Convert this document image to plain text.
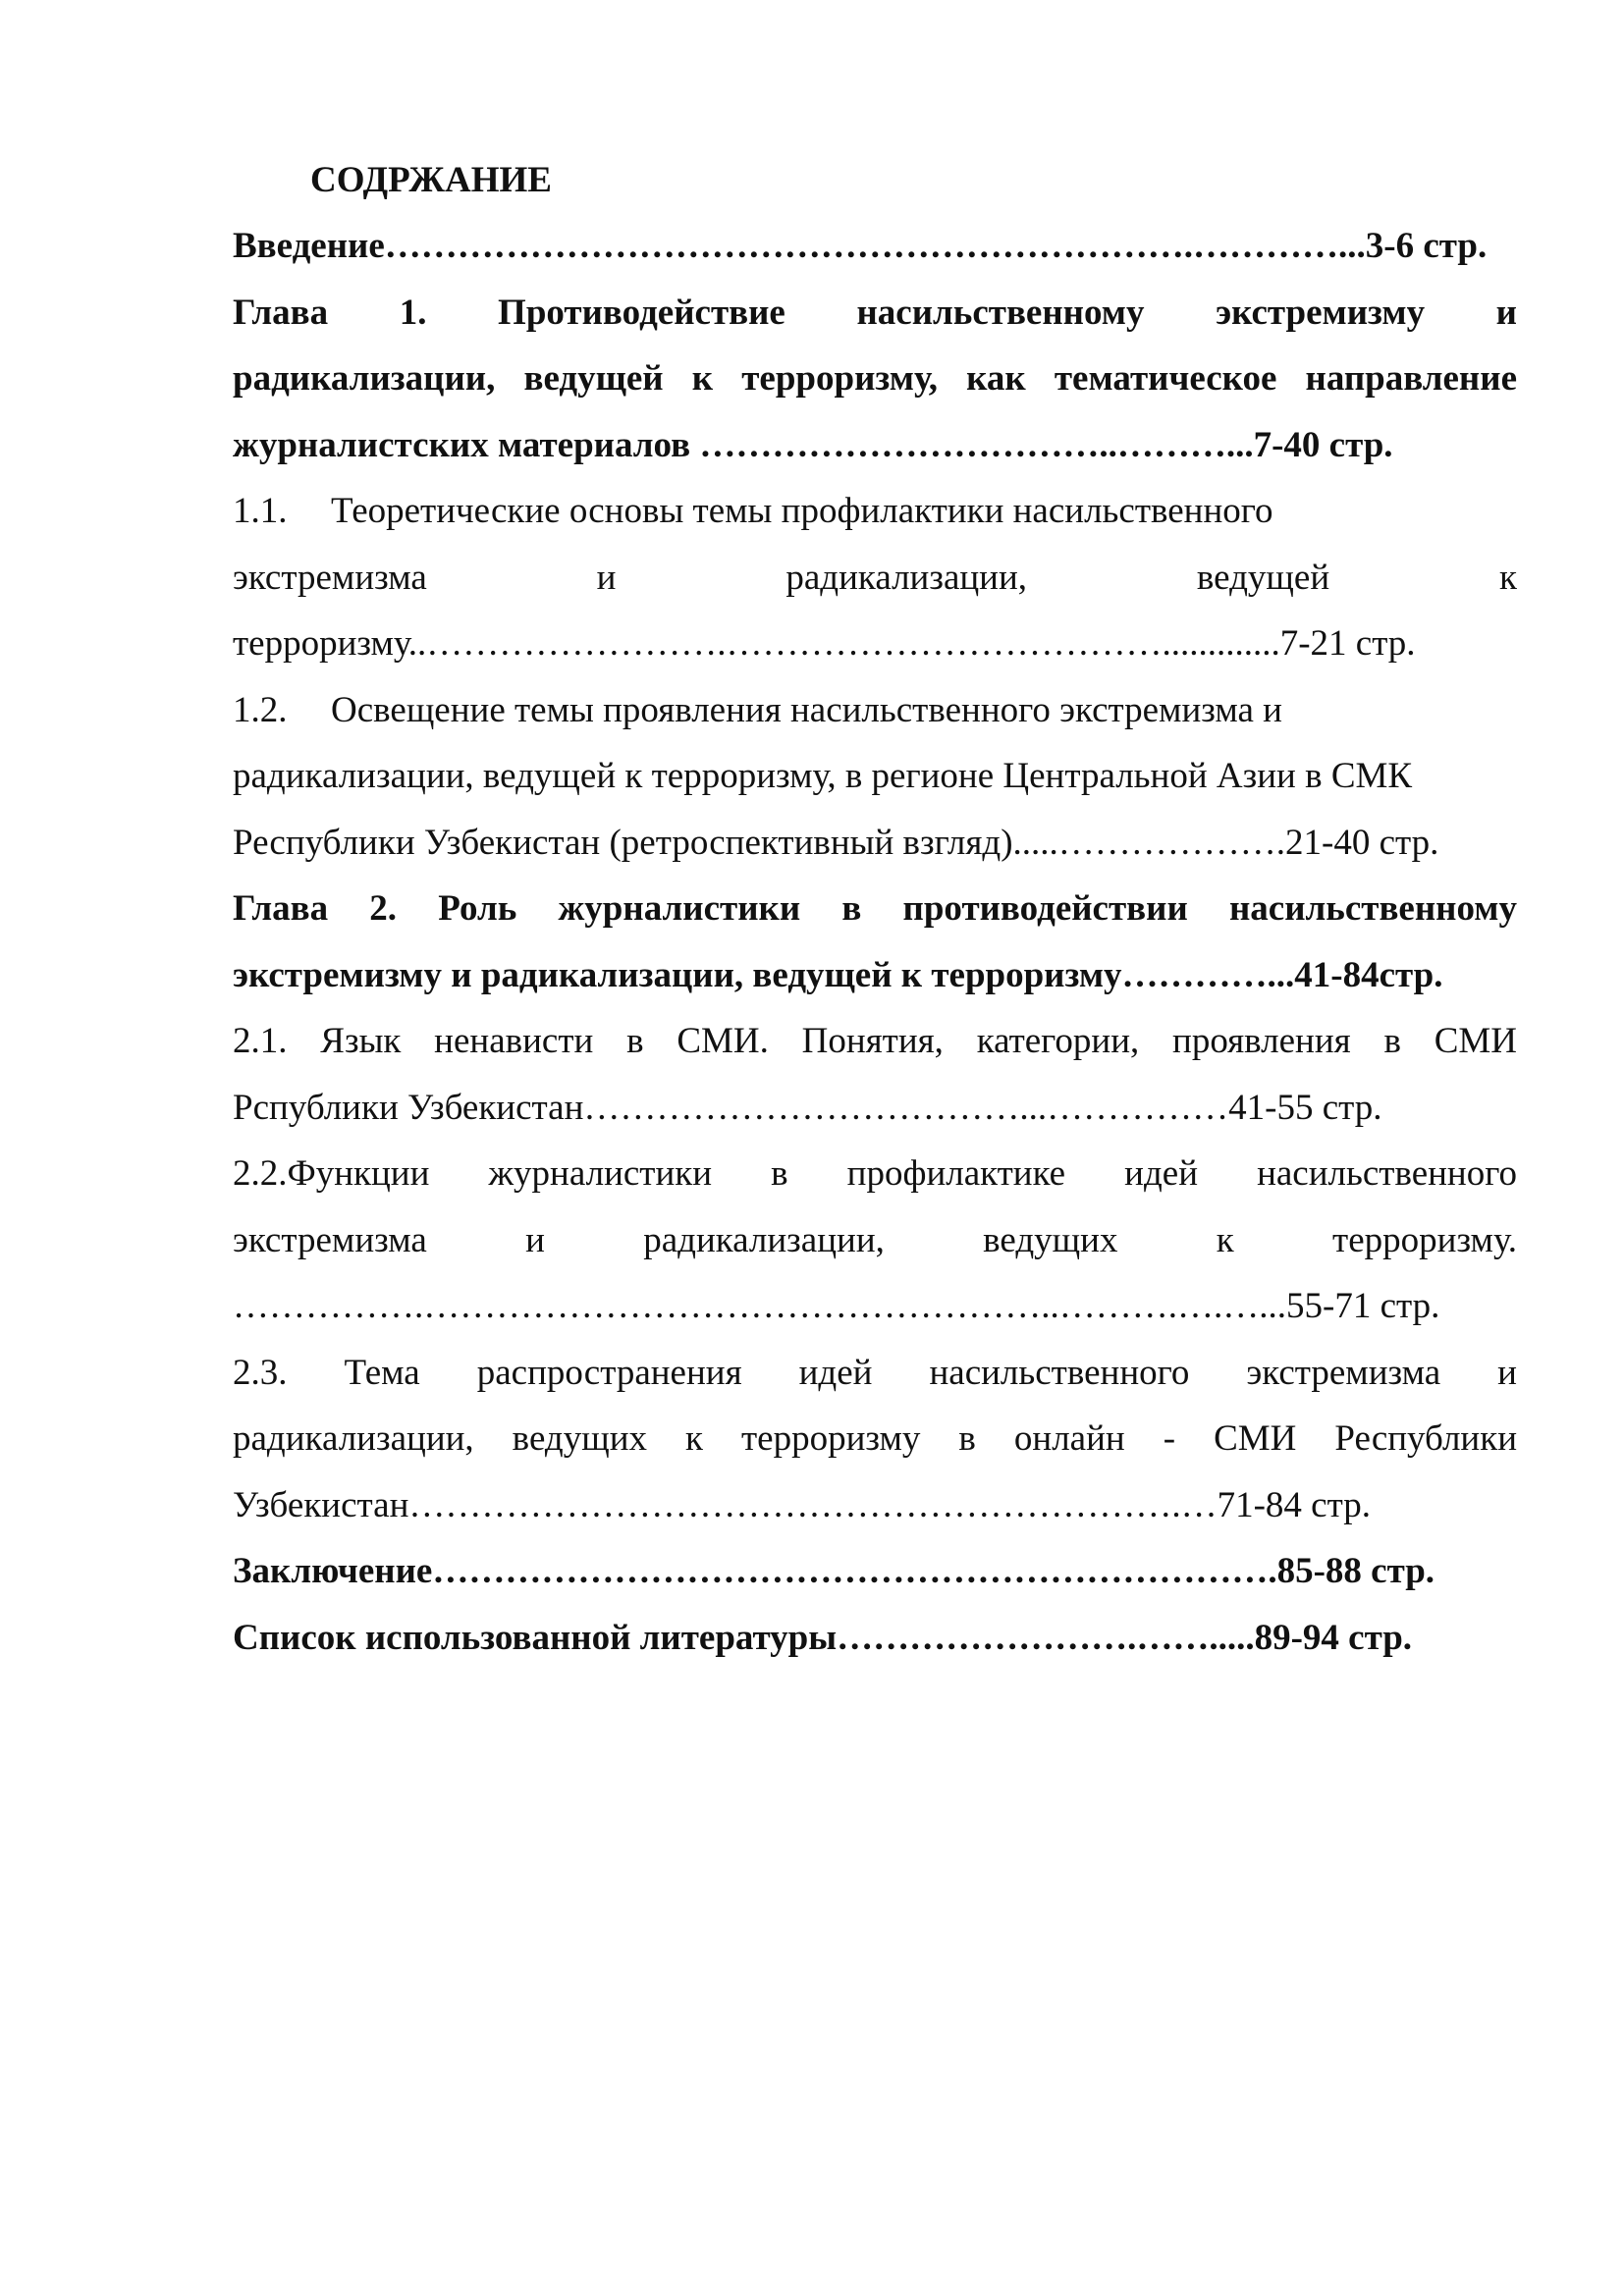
СОДРЖАНИЕ
Введение………………………………………………………….…………...3-6 стр.
Глава 1. Противодействие насильственному экстремизму и
радикализации, ведущей к терроризму, как тематическое направление
журналистских материалов ……………………………..………...7-40 стр.
1.1. Теоретические основы темы профилактики насильственного
экстремизма и радикализации, ведущей к
терроризму..…………………….……………………………….............7-21 стр.
1.2. Освещение темы проявления насильственного экстремизма и
радикализации, ведущей к терроризму, в регионе Центральной Азии в СМК
Республики Узбекистан (ретроспективный взгляд).....……………….21-40 стр.
Глава 2. Роль журналистики в противодействии насильственному
экстремизму и радикализации, ведущей к терроризму…………...41-84стр.
2.1. Язык ненависти в СМИ. Понятия, категории, проявления в СМИ
Рспублики Узбекистан………………………………...……………41-55 стр.
2.2.Функции журналистики в профилактике идей насильственного
экстремизма и радикализации, ведущих к терроризму.
…………….……………………………………………..……….….…...55-71 стр.
2.3. Тема распространения идей насильственного экстремизма и
радикализации, ведущих к терроризму в онлайн - СМИ Республики
Узбекистан……………………………………………………….…71-84 стр.
Заключение…………………………………………………………….85-88 стр.
Список использованной литературы…………………….…….....89-94 стр.
